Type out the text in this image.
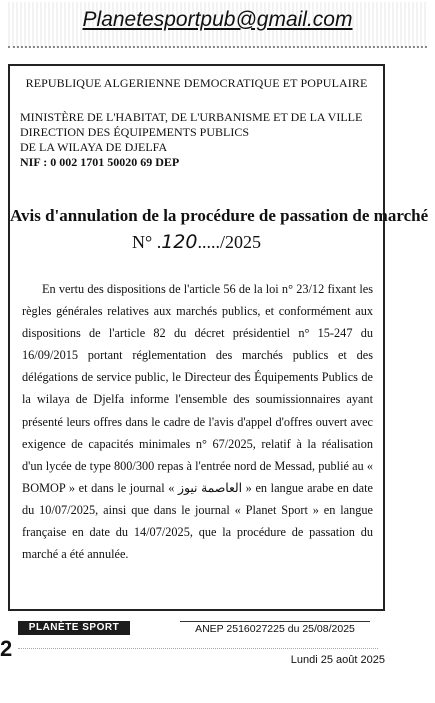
Planetesportpub@gmail.com
REPUBLIQUE ALGERIENNE DEMOCRATIQUE ET POPULAIRE
MINISTÈRE DE L'HABITAT, DE L'URBANISME ET DE LA VILLE
DIRECTION DES ÉQUIPEMENTS PUBLICS
DE LA WILAYA DE DJELFA
NIF : 0 002 1701 50020 69 DEP
Avis d'annulation de la procédure de passation de marché
N° .120...../2025

En vertu des dispositions de l'article 56 de la loi n° 23/12 fixant les règles générales relatives aux marchés publics, et conformément aux dispositions de l'article 82 du décret présidentiel n° 15-247 du 16/09/2015 portant réglementation des marchés publics et des délégations de service public, le Directeur des Équipements Publics de la wilaya de Djelfa informe l'ensemble des soumissionnaires ayant présenté leurs offres dans le cadre de l'avis d'appel d'offres ouvert avec exigence de capacités minimales n° 67/2025, relatif à la réalisation d'un lycée de type 800/300 repas à l'entrée nord de Messad, publié au « BOMOP » et dans le journal « العاصمة نيوز » en langue arabe en date du 10/07/2025, ainsi que dans le journal « Planet Sport » en langue française en date du 14/07/2025, que la procédure de passation du marché a été annulée.

PLANÈTE SPORT	ANEP 2516027225 du 25/08/2025
2	Lundi 25 août 2025
